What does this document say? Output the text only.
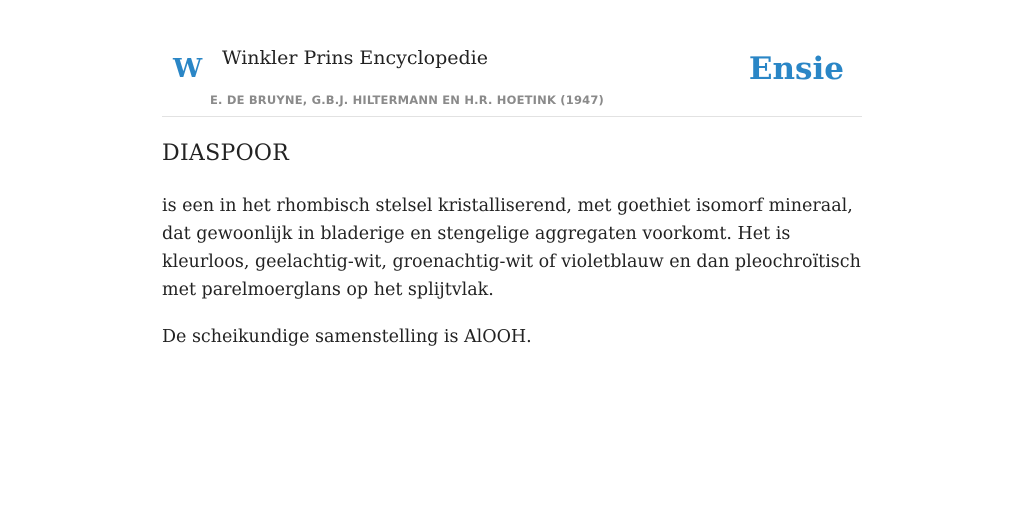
W Winkler Prins Encyclopedie
E. DE BRUYNE, G.B.J. HILTERMANN EN H.R. HOETINK (1947)
Ensie
DIASPOOR

is een in het rhombisch stelsel kristalliserend, met goethiet isomorf mineraal, dat gewoonlijk in bladerige en stengelige aggregaten voorkomt. Het is kleurloos, geelachtig-wit, groenachtig-wit of violetblauw en dan pleochroïtisch met parelmoerglans op het splijtvlak.

De scheikundige samenstelling is AlOOH.
